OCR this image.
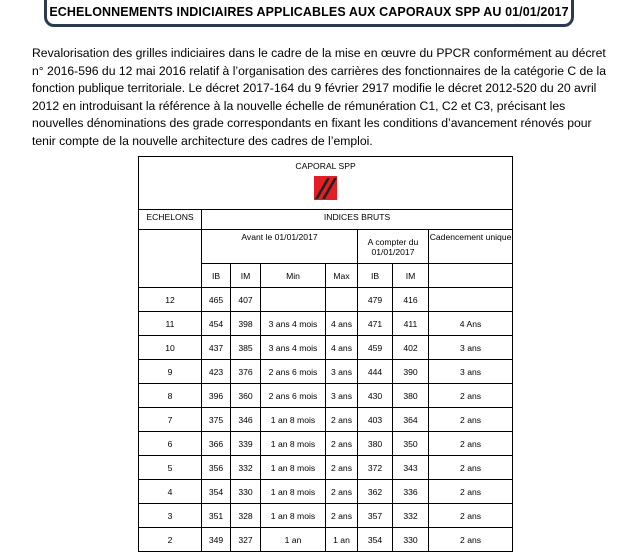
ECHELONNEMENTS INDICIAIRES APPLICABLES AUX CAPORAUX SPP AU 01/01/2017

Revalorisation des grilles indiciaires dans le cadre de la mise en œuvre du PPCR conformément au décret n° 2016-596 du 12 mai 2016 relatif à l’organisation des carrières des fonctionnaires de la catégorie C de la fonction publique territoriale. Le décret 2017-164 du 9 février 2917 modifie le décret 2012-520 du 20 avril 2012 en introduisant la référence à la nouvelle échelle de rémunération C1, C2 et C3, précisant les nouvelles dénominations des grade correspondants en fixant les conditions d’avancement rénovés pour tenir compte de la nouvelle architecture des cadres de l’emploi.

CAPORAL SPP							

ECHELONS	INDICES BRUTS						
	Avant le 01/01/2017				A compter du 01/01/2017		Cadencement unique
	IB	IM	Min	Max	IB	IM	
12	465	407			479	416	
11	454	398	3 ans 4 mois	4 ans	471	411	4 Ans
10	437	385	3 ans 4 mois	4 ans	459	402	3 ans
9	423	376	2 ans 6 mois	3 ans	444	390	3 ans
8	396	360	2 ans 6 mois	3 ans	430	380	2 ans
7	375	346	1 an 8 mois	2 ans	403	364	2 ans
6	366	339	1 an 8 mois	2 ans	380	350	2 ans
5	356	332	1 an 8 mois	2 ans	372	343	2 ans
4	354	330	1 an 8 mois	2 ans	362	336	2 ans
3	351	328	1 an 8 mois	2 ans	357	332	2 ans
2	349	327	1 an	1 an	354	330	2 ans
